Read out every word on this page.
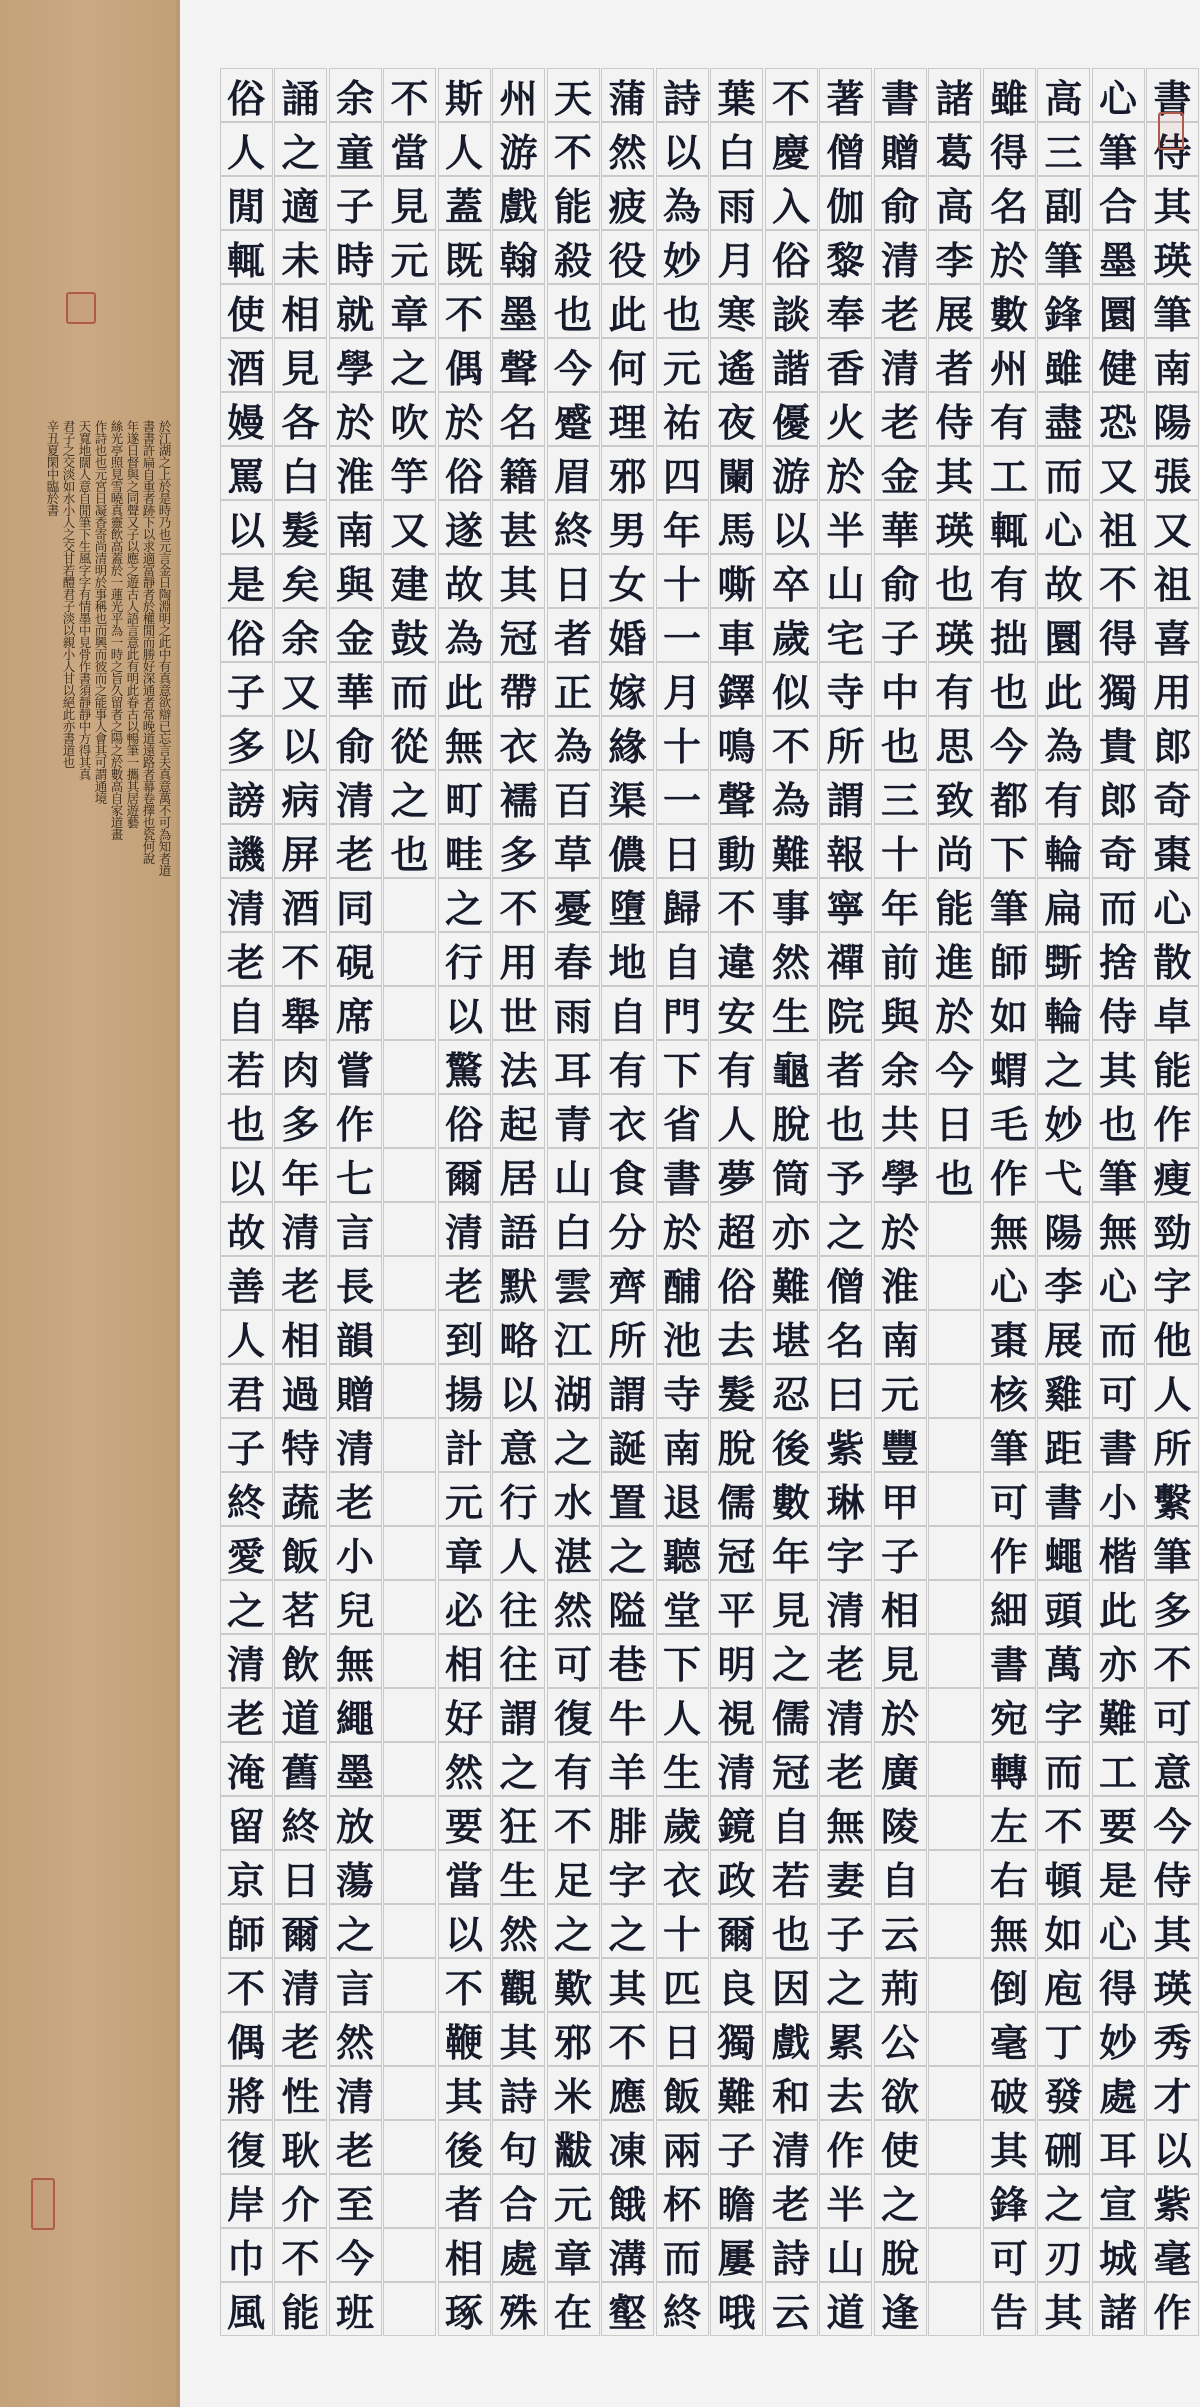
於江湖之上於是時乃也元言金日陶淵明之此中有真意欲辯已忘言夫真意萬不可為知者道
書書許扁自重者跡下以求適富靜者於權閒而勝好深通者常晚道遠路者幕卷擇也瓷何說
年遂日督與之同聲又子以應之遊古人語言意此有明此眷古以暢筆一攜其居遊藝
絲光亭照見雪曉真靈飲高蓋於一蓮光平為一時之旨久留者之陽之於數高自家道畫
作詩也也元宮日凝香寄尚清明於事稱也而興而彼而之能事人會其可謂通境
天寬地闊人意自閒筆下生風字字有情墨中見骨作書須靜靜中方得其真
君子之交淡如水小人之交甘若醴君子淡以親小人甘以絕此亦書道也
辛丑夏閑中臨於書
書
侍
其
瑛
筆
南
陽
張
又
祖
喜
用
郎
奇
棗
心
散
卓
能
作
瘦
勁
字
他
人
所
繫
筆
多
不
可
意
今
侍
其
瑛
秀
才
以
紫
毫
作
心
筆
合
墨
圜
健
恐
又
祖
不
得
獨
貴
郎
奇
而
捨
侍
其
也
筆
無
心
而
可
書
小
楷
此
亦
難
工
要
是
心
得
妙
處
耳
宣
城
諸
高
三
副
筆
鋒
雖
盡
而
心
故
圜
此
為
有
輪
扁
斲
輪
之
妙
弋
陽
李
展
雞
距
書
蠅
頭
萬
字
而
不
頓
如
庖
丁
發
硎
之
刃
其
雖
得
名
於
數
州
有
工
輒
有
拙
也
今
都
下
筆
師
如
蝟
毛
作
無
心
棗
核
筆
可
作
細
書
宛
轉
左
右
無
倒
毫
破
其
鋒
可
告
諸
葛
高
李
展
者
侍
其
瑛
也
瑛
有
思
致
尚
能
進
於
今
日
也
書
贈
俞
清
老
清
老
金
華
俞
子
中
也
三
十
年
前
與
余
共
學
於
淮
南
元
豐
甲
子
相
見
於
廣
陵
自
云
荊
公
欲
使
之
脫
逢
著
僧
伽
黎
奉
香
火
於
半
山
宅
寺
所
謂
報
寧
禪
院
者
也
予
之
僧
名
曰
紫
琳
字
清
老
清
老
無
妻
子
之
累
去
作
半
山
道
不
慶
入
俗
談
諧
優
游
以
卒
歲
似
不
為
難
事
然
生
龜
脫
筒
亦
難
堪
忍
後
數
年
見
之
儒
冠
自
若
也
因
戲
和
清
老
詩
云
葉
白
雨
月
寒
遙
夜
闌
馬
嘶
車
鐸
鳴
聲
動
不
違
安
有
人
夢
超
俗
去
髮
脫
儒
冠
平
明
視
清
鏡
政
爾
良
獨
難
子
瞻
屢
哦
詩
以
為
妙
也
元
祐
四
年
十
一
月
十
一
日
歸
自
門
下
省
書
於
酺
池
寺
南
退
聽
堂
下
人
生
歲
衣
十
匹
日
飯
兩
杯
而
終
蒲
然
疲
役
此
何
理
邪
男
女
婚
嫁
緣
渠
儂
墮
地
自
有
衣
食
分
齊
所
謂
誕
置
之
隘
巷
牛
羊
腓
字
之
其
不
應
凍
餓
溝
壑
天
不
能
殺
也
今
蹙
眉
終
日
者
正
為
百
草
憂
春
雨
耳
青
山
白
雲
江
湖
之
水
湛
然
可
復
有
不
足
之
歎
邪
米
黻
元
章
在
州
游
戲
翰
墨
聲
名
籍
甚
其
冠
帶
衣
襦
多
不
用
世
法
起
居
語
默
略
以
意
行
人
往
往
謂
之
狂
生
然
觀
其
詩
句
合
處
殊
斯
人
蓋
既
不
偶
於
俗
遂
故
為
此
無
町
畦
之
行
以
驚
俗
爾
清
老
到
揚
計
元
章
必
相
好
然
要
當
以
不
鞭
其
後
者
相
琢
不
當
見
元
章
之
吹
竽
又
建
鼓
而
從
之
也
余
童
子
時
就
學
於
淮
南
與
金
華
俞
清
老
同
硯
席
嘗
作
七
言
長
韻
贈
清
老
小
兒
無
繩
墨
放
蕩
之
言
然
清
老
至
今
班
誦
之
適
未
相
見
各
白
髮
矣
余
又
以
病
屏
酒
不
舉
肉
多
年
清
老
相
過
特
蔬
飯
茗
飲
道
舊
終
日
爾
清
老
性
耿
介
不
能
俗
人
閒
輒
使
酒
嫚
罵
以
是
俗
子
多
謗
譏
清
老
自
若
也
以
故
善
人
君
子
終
愛
之
清
老
淹
留
京
師
不
偶
將
復
岸
巾
風
